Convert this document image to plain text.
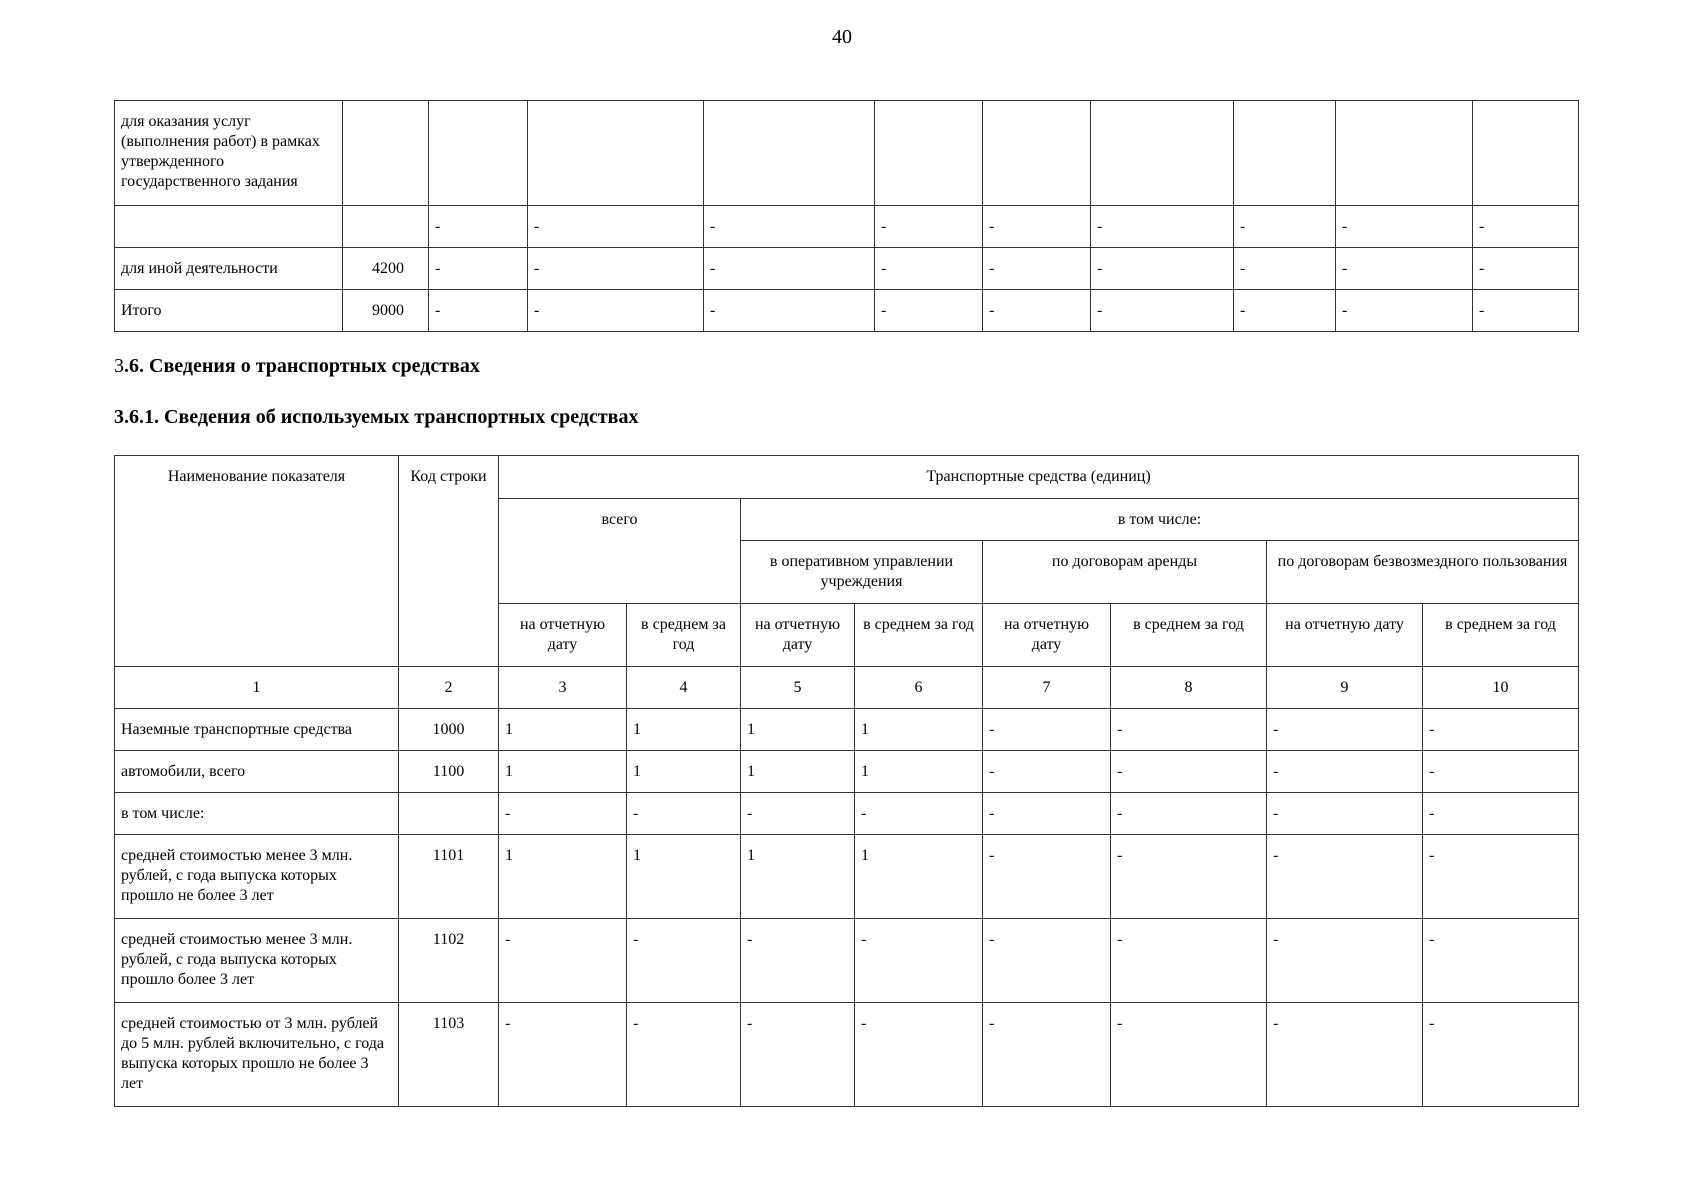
40
для оказания услуг (выполнения работ) в рамках утвержденного государственного задания										
		-	-	-	-	-	-	-	-	-
для иной деятельности	4200	-	-	-	-	-	-	-	-	-
Итого	9000	-	-	-	-	-	-	-	-	-
3.6. Сведения о транспортных средствах
3.6.1. Сведения об используемых транспортных средствах
Наименование показателя	Код строки	Транспортные средства (единиц)							
		всего		в том числе:					
				в оперативном управлении учреждения		по договорам аренды		по договорам безвозмездного пользования	
		на отчетную дату	в среднем за год	на отчетную дату	в среднем за год	на отчетную дату	в среднем за год	на отчетную дату	в среднем за год
1	2	3	4	5	6	7	8	9	10
Наземные транспортные средства	1000	1	1	1	1	-	-	-	-
автомобили, всего	1100	1	1	1	1	-	-	-	-
в том числе:		-	-	-	-	-	-	-	-
средней стоимостью менее 3 млн. рублей, с года выпуска которых прошло не более 3 лет	1101	1	1	1	1	-	-	-	-
средней стоимостью менее 3 млн. рублей, с года выпуска которых прошло более 3 лет	1102	-	-	-	-	-	-	-	-
средней стоимостью от 3 млн. рублей до 5 млн. рублей включительно, с года выпуска которых прошло не более 3 лет	1103	-	-	-	-	-	-	-	-
